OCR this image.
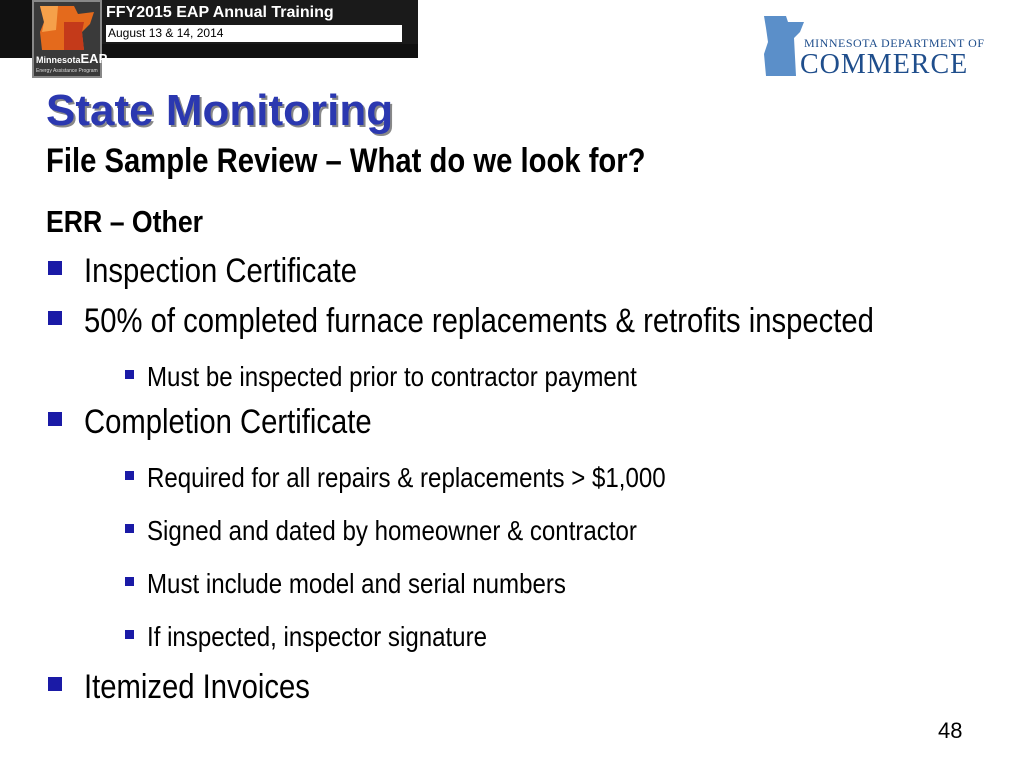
FFY2015 EAP Annual Training
August 13 & 14, 2014
MinnesotaEAP
Energy Assistance Program
MINNESOTA DEPARTMENT OF
COMMERCE
State Monitoring
File Sample Review – What do we look for?
ERR – Other
Inspection Certificate
50% of completed furnace replacements & retrofits inspected
Must be inspected prior to contractor payment
Completion Certificate
Required for all repairs & replacements > $1,000
Signed and dated by homeowner & contractor
Must include model and serial numbers
If inspected, inspector signature
Itemized Invoices
48
